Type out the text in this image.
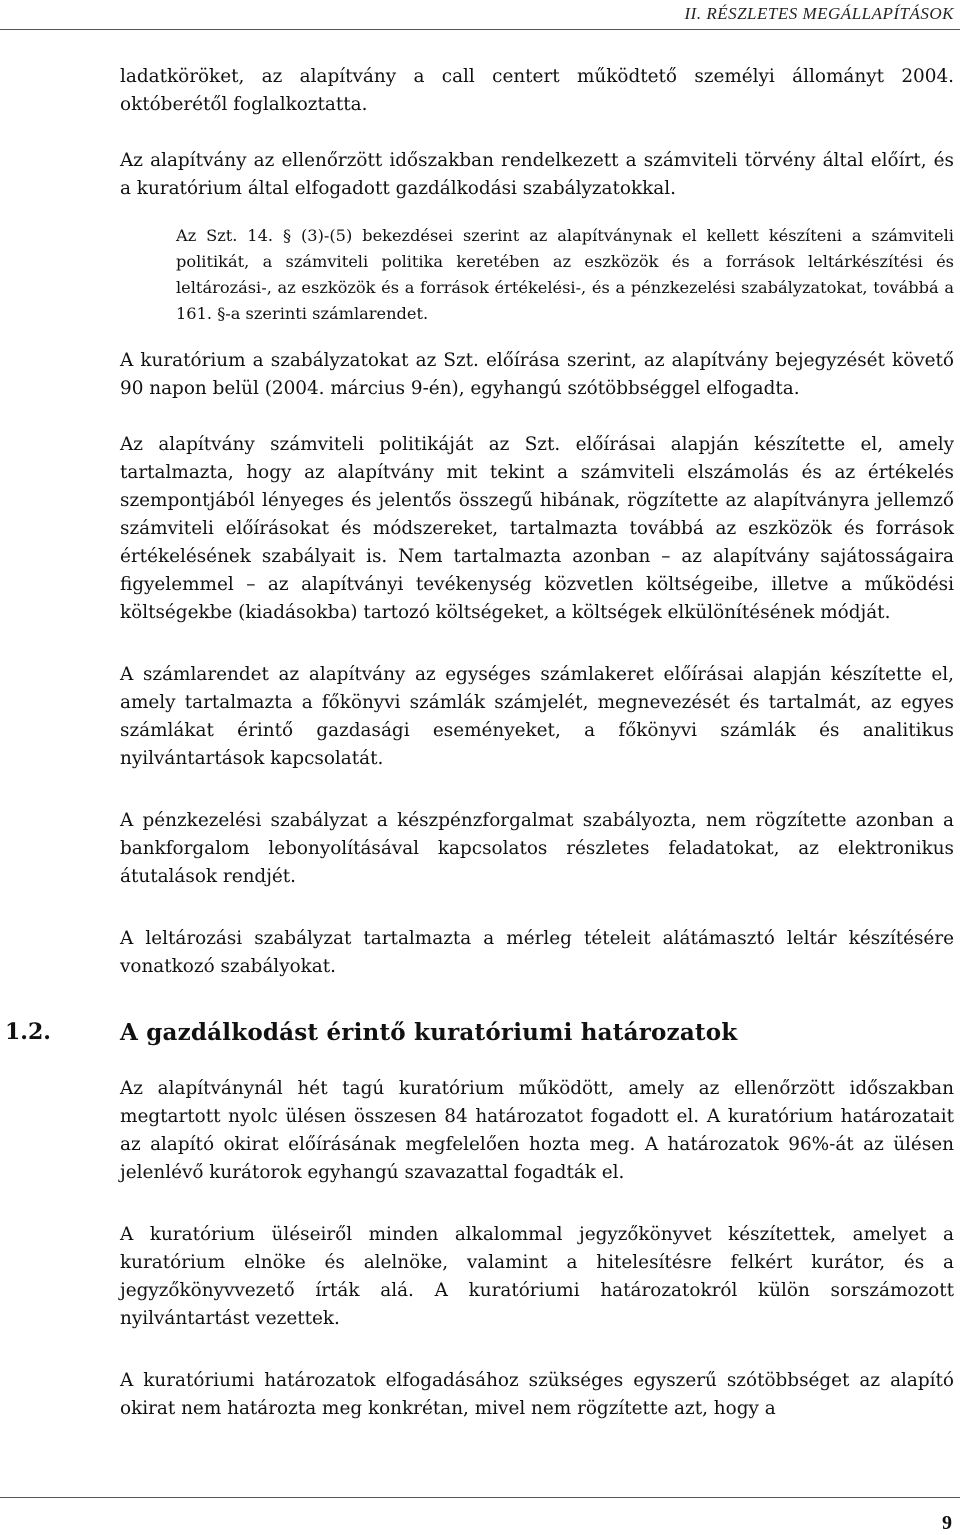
II. RÉSZLETES MEGÁLLAPÍTÁSOK

ladatköröket, az alapítvány a call centert működtető személyi állományt 2004. októberétől foglalkoztatta.

Az alapítvány az ellenőrzött időszakban rendelkezett a számviteli törvény által előírt, és a kuratórium által elfogadott gazdálkodási szabályzatokkal.

Az Szt. 14. § (3)-(5) bekezdései szerint az alapítványnak el kellett készíteni a számviteli politikát, a számviteli politika keretében az eszközök és a források leltárkészítési és leltározási-, az eszközök és a források értékelési-, és a pénzkezelési szabályzatokat, továbbá a 161. §-a szerinti számlarendet.

A kuratórium a szabályzatokat az Szt. előírása szerint, az alapítvány bejegyzését követő 90 napon belül (2004. március 9-én), egyhangú szótöbbséggel elfogadta.

Az alapítvány számviteli politikáját az Szt. előírásai alapján készítette el, amely tartalmazta, hogy az alapítvány mit tekint a számviteli elszámolás és az értékelés szempontjából lényeges és jelentős összegű hibának, rögzítette az alapítványra jellemző számviteli előírásokat és módszereket, tartalmazta továbbá az eszközök és források értékelésének szabályait is. Nem tartalmazta azonban – az alapítvány sajátosságaira figyelemmel – az alapítványi tevékenység közvetlen költségeibe, illetve a működési költségekbe (kiadásokba) tartozó költségeket, a költségek elkülönítésének módját.

A számlarendet az alapítvány az egységes számlakeret előírásai alapján készítette el, amely tartalmazta a főkönyvi számlák számjelét, megnevezését és tartalmát, az egyes számlákat érintő gazdasági eseményeket, a főkönyvi számlák és analitikus nyilvántartások kapcsolatát.

A pénzkezelési szabályzat a készpénzforgalmat szabályozta, nem rögzítette azonban a bankforgalom lebonyolításával kapcsolatos részletes feladatokat, az elektronikus átutalások rendjét.

A leltározási szabályzat tartalmazta a mérleg tételeit alátámasztó leltár készítésére vonatkozó szabályokat.

1.2.	A gazdálkodást érintő kuratóriumi határozatok

Az alapítványnál hét tagú kuratórium működött, amely az ellenőrzött időszakban megtartott nyolc ülésen összesen 84 határozatot fogadott el. A kuratórium határozatait az alapító okirat előírásának megfelelően hozta meg. A határozatok 96%-át az ülésen jelenlévő kurátorok egyhangú szavazattal fogadták el.

A kuratórium üléseiről minden alkalommal jegyzőkönyvet készítettek, amelyet a kuratórium elnöke és alelnöke, valamint a hitelesítésre felkért kurátor, és a jegyzőkönyvvezető írták alá. A kuratóriumi határozatokról külön sorszámozott nyilvántartást vezettek.

A kuratóriumi határozatok elfogadásához szükséges egyszerű szótöbbséget az alapító okirat nem határozta meg konkrétan, mivel nem rögzítette azt, hogy a

9
